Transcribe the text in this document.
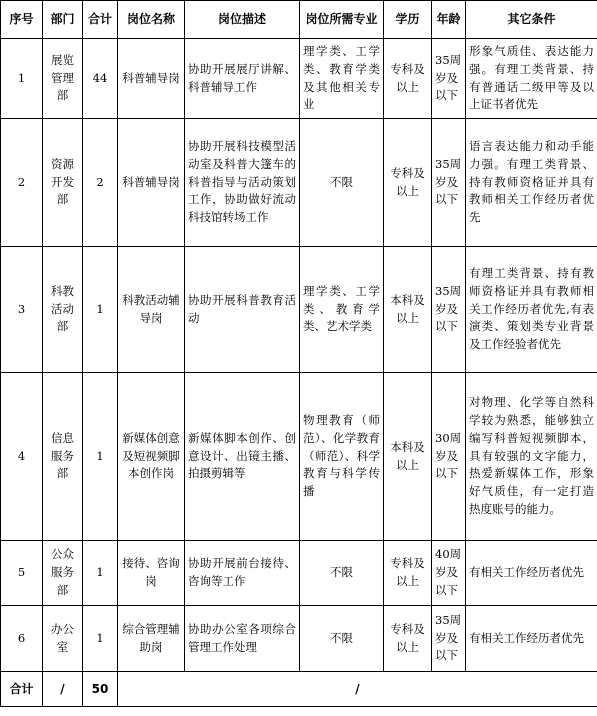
序号	部门	合计	岗位名称	岗位描述	岗位所需专业	学历	年龄	其它条件
1	展览管理部	44	科普辅导岗	协助开展展厅讲解、科普辅导工作	理学类、工学类、教育学类及其他相关专业	专科及以上	35周岁及以下	形象气质佳、表达能力强。有理工类背景、持有普通话二级甲等及以上证书者优先
2	资源开发部	2	科普辅导岗	协助开展科技模型活动室及科普大篷车的科普指导与活动策划工作，协助做好流动科技馆转场工作	不限	专科及以上	35周岁及以下	语言表达能力和动手能力强。有理工类背景、持有教师资格证并具有教师相关工作经历者优先
3	科教活动部	1	科教活动辅导岗	协助开展科普教育活动	理学类、工学类、教育学类、艺术学类	本科及以上	35周岁及以下	有理工类背景、持有教师资格证并具有教师相关工作经历者优先,有表演类、策划类专业背景及工作经验者优先
4	信息服务部	1	新媒体创意及短视频脚本创作岗	新媒体脚本创作、创意设计、出镜主播、拍摄剪辑等	物理教育（师范）、化学教育（师范）、科学教育与科学传播	本科及以上	30周岁及以下	对物理、化学等自然科学较为熟悉，能够独立编写科普短视频脚本，具有较强的文字能力，热爱新媒体工作，形象好气质佳，有一定打造热度账号的能力。
5	公众服务部	1	接待、咨询岗	协助开展前台接待、咨询等工作	不限	专科及以上	40周岁及以下	有相关工作经历者优先
6	办公室	1	综合管理辅助岗	协助办公室各项综合管理工作处理	不限	专科及以上	35周岁及以下	有相关工作经历者优先
合计	/	50	/					
